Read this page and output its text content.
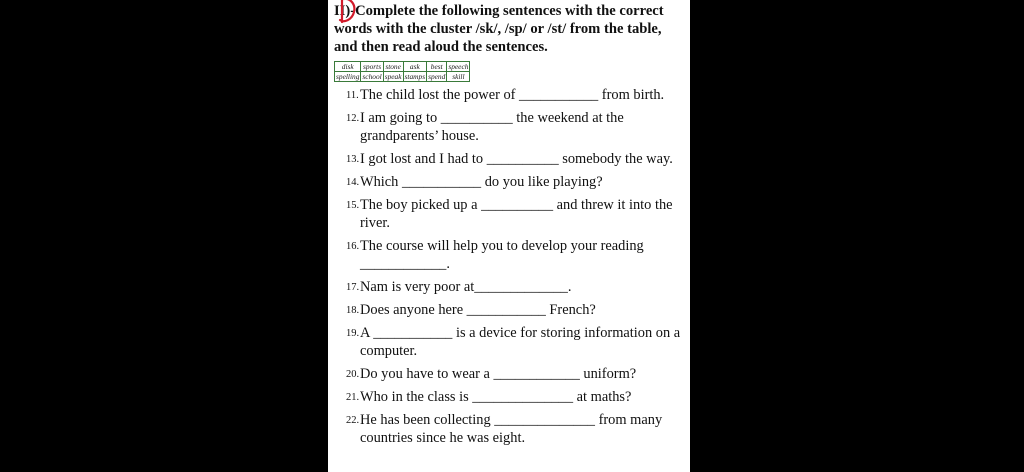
II)-Complete the following sentences with the correct words with the cluster /sk/, /sp/ or /st/ from the table, and then read aloud the sentences.
disk	sports	stone	ask	best	speech
spelling	school	speak	stamps	spend	skill
11. The child lost the power of ___________ from birth.
12. I am going to __________ the weekend at the grandparents’ house.
13. I got lost and I had to __________ somebody the way.
14. Which ___________ do you like playing?
15. The boy picked up a __________ and threw it into the river.
16. The course will help you to develop your reading ____________.
17. Nam is very poor at_____________.
18. Does anyone here ___________ French?
19. A ___________ is a device for storing information on a computer.
20. Do you have to wear a ____________ uniform?
21. Who in the class is ______________ at maths?
22. He has been collecting ______________ from many countries since he was eight.
